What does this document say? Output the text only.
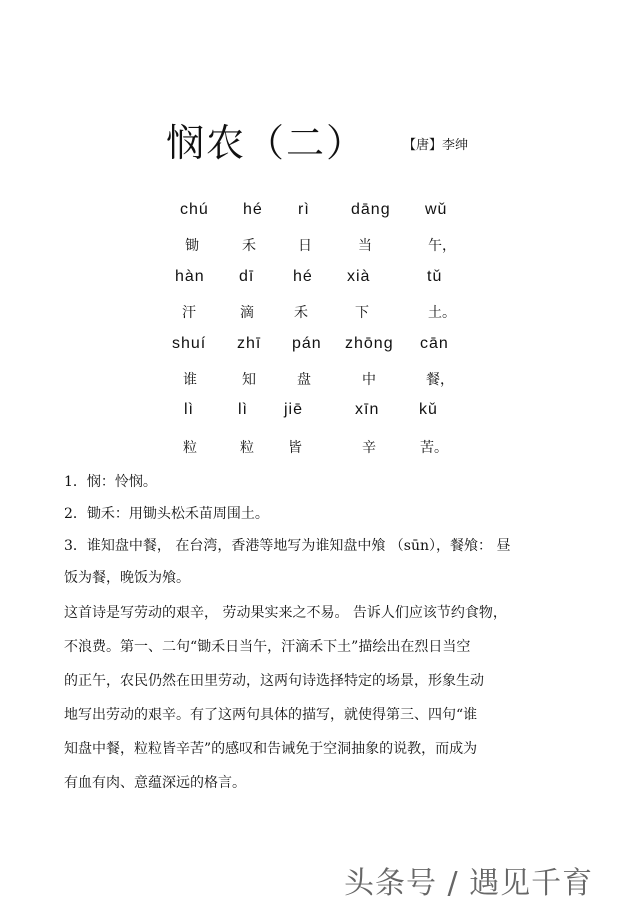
悯农（二）	【唐】李绅
chú hé rì	dāng wǔ
锄	禾	日	当	午，
hàn dī hé xià	tǔ
汗	滴	禾	下	土。
shuí zhī pán zhōng cān
谁	知	盘	中	餐，
lì	lì jiē	xīn kǔ
粒	粒 皆	辛	苦。
1．悯：怜悯。
2．锄禾：用锄头松禾苗周围土。
3．谁知盘中餐， 在台湾，香港等地写为谁知盘中飧 （sūn），餐飧： 昼
饭为餐，晚饭为飧。
这首诗是写劳动的艰辛， 劳动果实来之不易。 告诉人们应该节约食物，
不浪费。第一、二句“锄禾日当午，汗滴禾下土”描绘出在烈日当空
的正午，农民仍然在田里劳动，这两句诗选择特定的场景，形象生动
地写出劳动的艰辛。有了这两句具体的描写，就使得第三、四句“谁
知盘中餐，粒粒皆辛苦”的感叹和告诫免于空洞抽象的说教，而成为
有血有肉、意蕴深远的格言。
头条号 / 遇见千育
